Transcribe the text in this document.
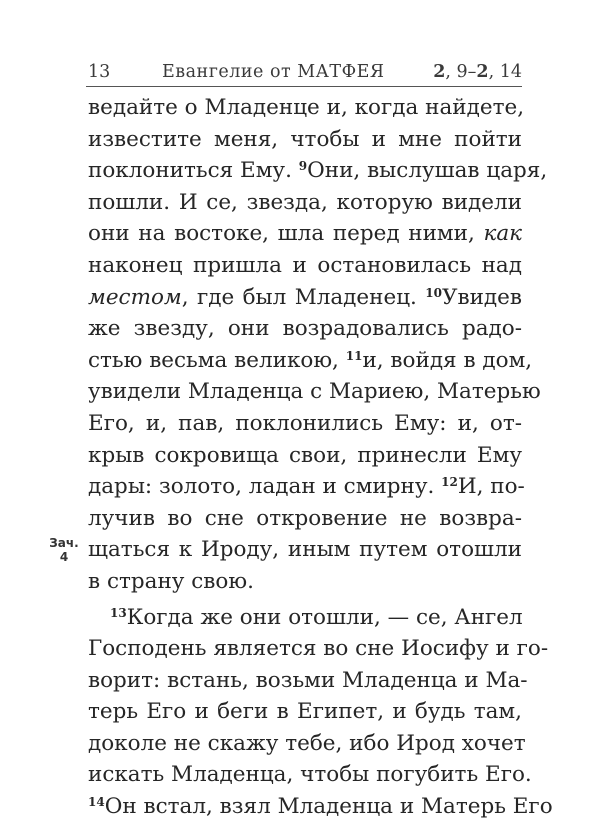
13	Евангелие от МАТФЕЯ	2, 9–2, 14
Зач.
4
ведайте о Младенце и, когда найдете,
известите меня, чтобы и мне пойти
поклониться Ему. $^9$Они, выслушав царя,
пошли. И се, звезда, которую видели
они на востоке, шла перед ними, как
наконец пришла и остановилась над
местом, где был Младенец. $^{10}$Увидев
же звезду, они возрадовались радо-
стью весьма великою, $^{11}$и, войдя в дом,
увидели Младенца с Мариею, Матерью
Его, и, пав, поклонились Ему: и, от-
крыв сокровища свои, принесли Ему
дары: золото, ладан и смирну. $^{12}$И, по-
лучив во сне откровение не возвра-
щаться к Ироду, иным путем отошли
в страну свою.
$^{13}$Когда же они отошли, — се, Ангел
Господень является во сне Иосифу и го-
ворит: встань, возьми Младенца и Ма-
терь Его и беги в Египет, и будь там,
доколе не скажу тебе, ибо Ирод хочет
искать Младенца, чтобы погубить Его.
$^{14}$Он встал, взял Младенца и Матерь Его
